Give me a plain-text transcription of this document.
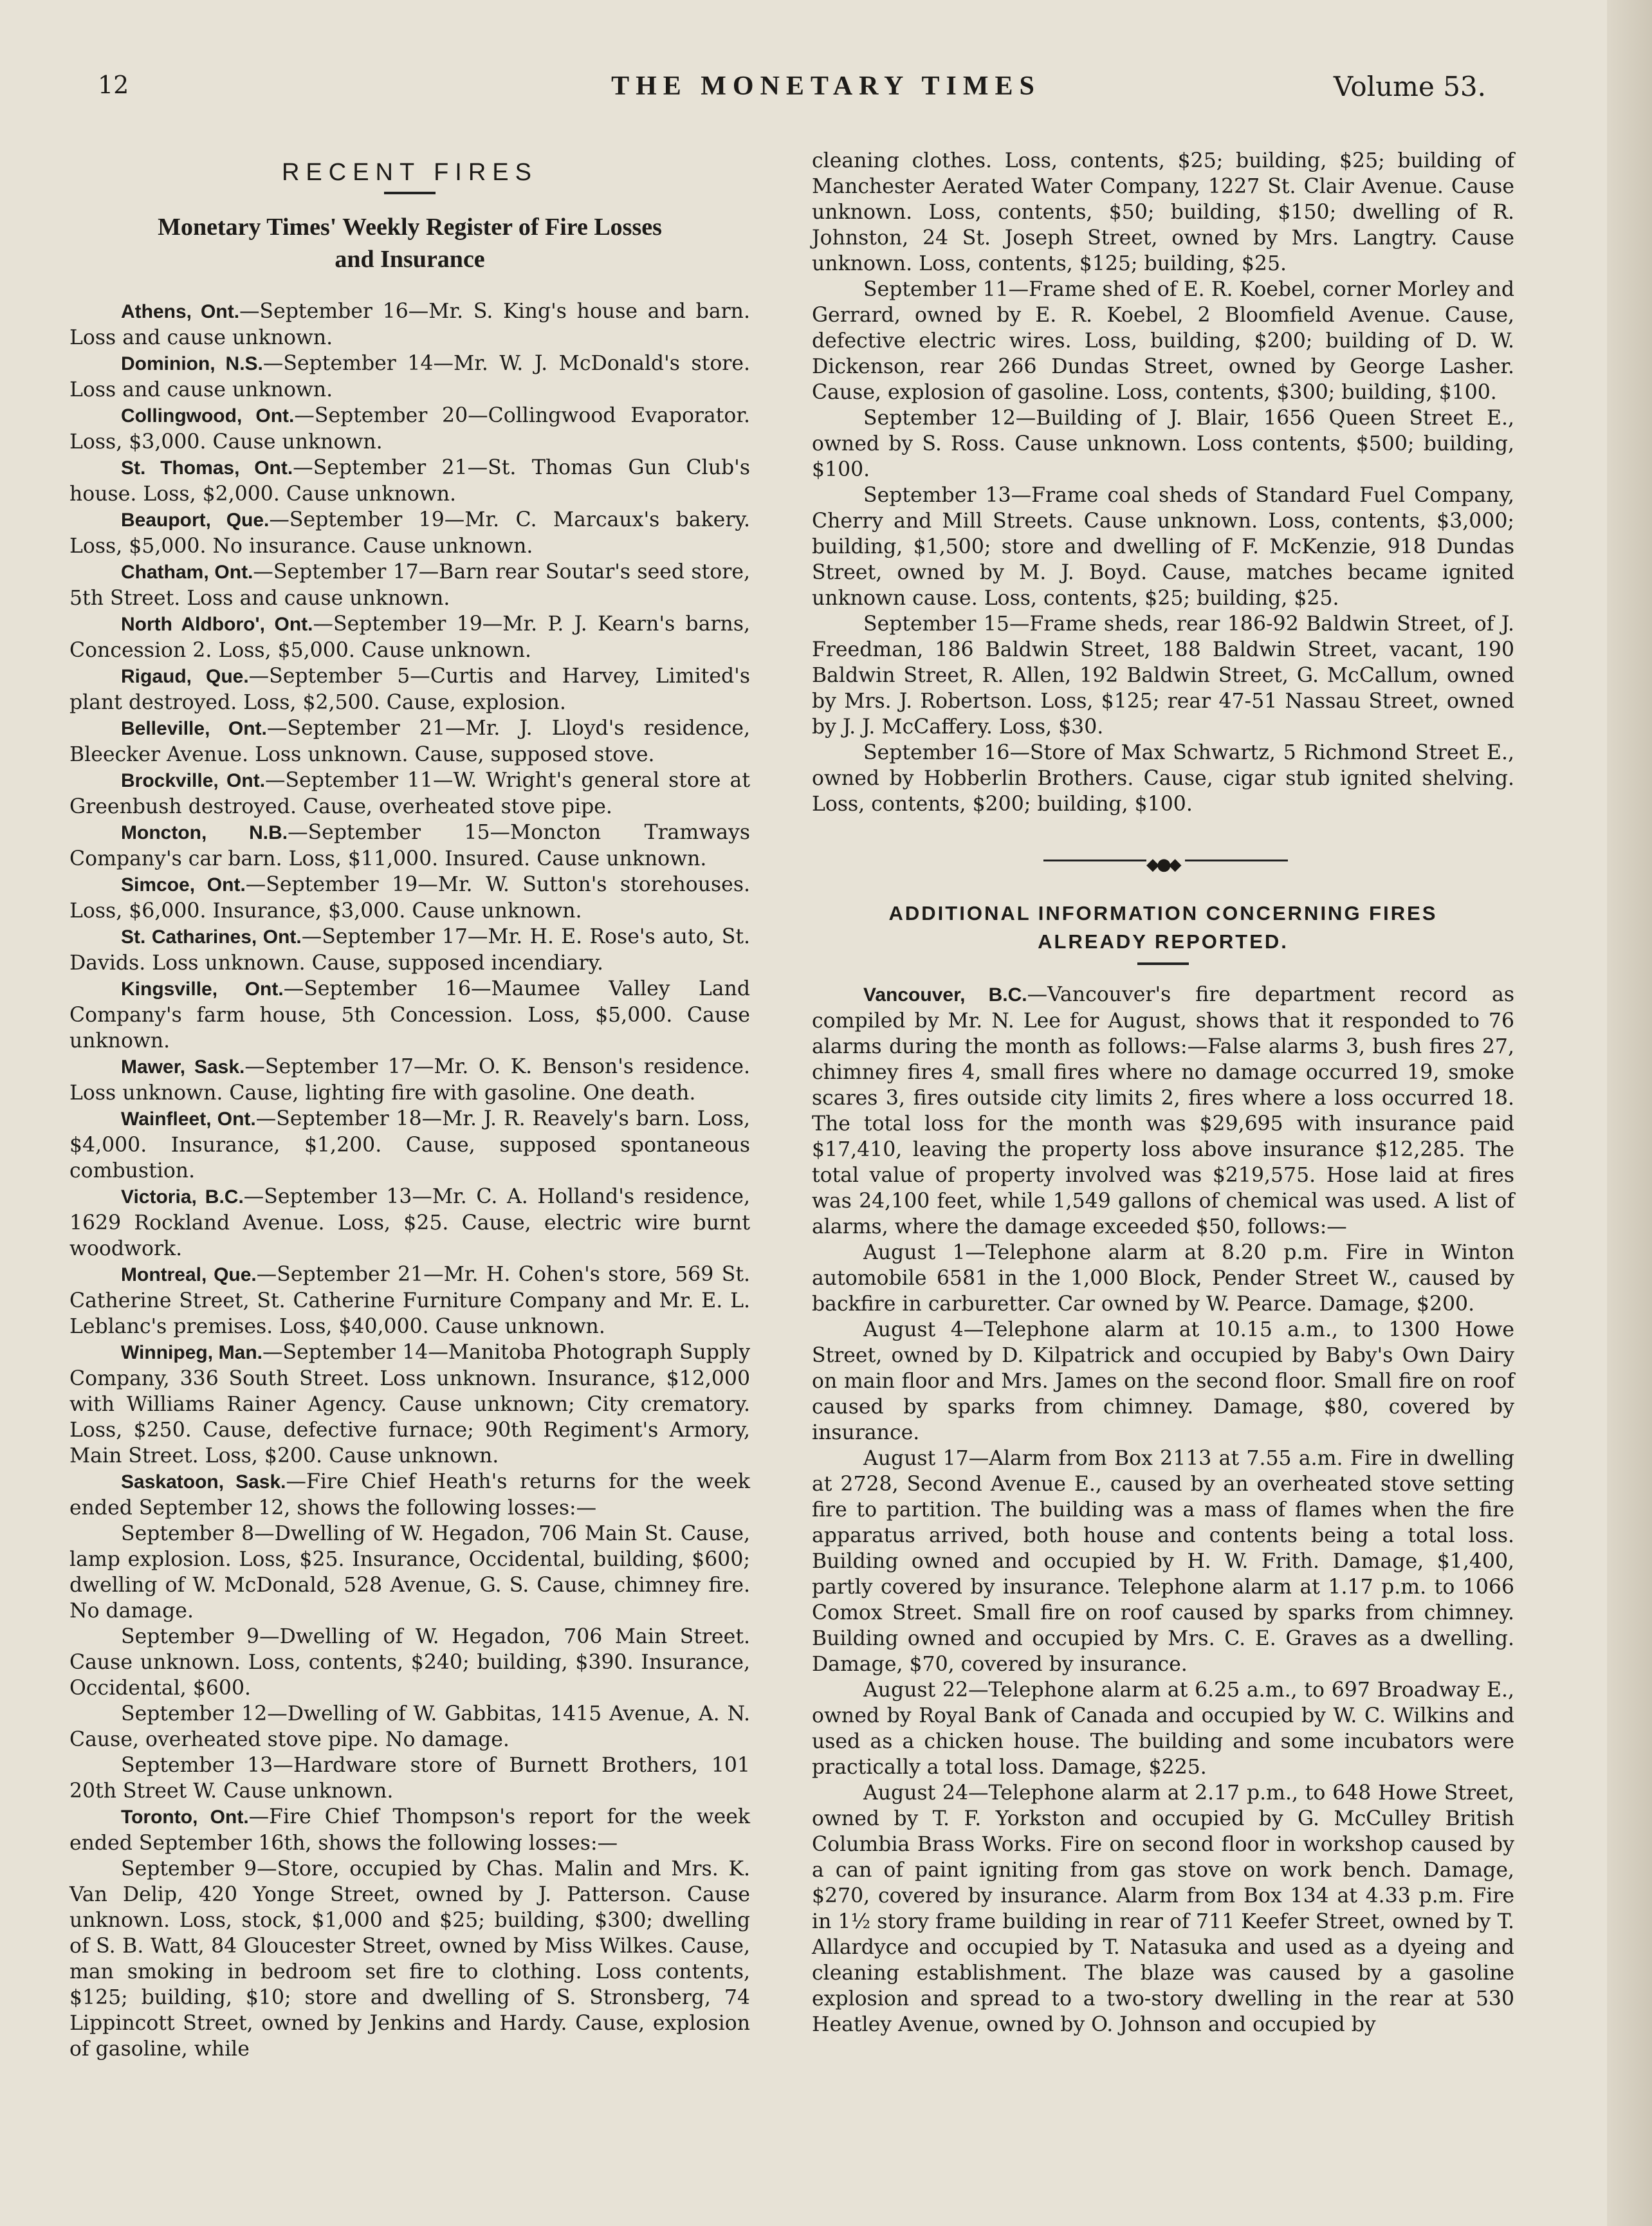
12	THE MONETARY TIMES	Volume 53.
RECENT FIRES
Monetary Times' Weekly Register of Fire Losses
and Insurance

Athens, Ont.—September 16—Mr. S. King's house and barn. Loss and cause unknown.

Dominion, N.S.—September 14—Mr. W. J. McDonald's store. Loss and cause unknown.

Collingwood, Ont.—September 20—Collingwood Evaporator. Loss, $3,000. Cause unknown.

St. Thomas, Ont.—September 21—St. Thomas Gun Club's house. Loss, $2,000. Cause unknown.

Beauport, Que.—September 19—Mr. C. Marcaux's bakery. Loss, $5,000. No insurance. Cause unknown.

Chatham, Ont.—September 17—Barn rear Soutar's seed store, 5th Street. Loss and cause unknown.

North Aldboro', Ont.—September 19—Mr. P. J. Kearn's barns, Concession 2. Loss, $5,000. Cause unknown.

Rigaud, Que.—September 5—Curtis and Harvey, Limited's plant destroyed. Loss, $2,500. Cause, explosion.

Belleville, Ont.—September 21—Mr. J. Lloyd's residence, Bleecker Avenue. Loss unknown. Cause, supposed stove.

Brockville, Ont.—September 11—W. Wright's general store at Greenbush destroyed. Cause, overheated stove pipe.

Moncton, N.B.—September 15—Moncton Tramways Company's car barn. Loss, $11,000. Insured. Cause unknown.

Simcoe, Ont.—September 19—Mr. W. Sutton's storehouses. Loss, $6,000. Insurance, $3,000. Cause unknown.

St. Catharines, Ont.—September 17—Mr. H. E. Rose's auto, St. Davids. Loss unknown. Cause, supposed incendiary.

Kingsville, Ont.—September 16—Maumee Valley Land Company's farm house, 5th Concession. Loss, $5,000. Cause unknown.

Mawer, Sask.—September 17—Mr. O. K. Benson's residence. Loss unknown. Cause, lighting fire with gasoline. One death.

Wainfleet, Ont.—September 18—Mr. J. R. Reavely's barn. Loss, $4,000. Insurance, $1,200. Cause, supposed spontaneous combustion.

Victoria, B.C.—September 13—Mr. C. A. Holland's residence, 1629 Rockland Avenue. Loss, $25. Cause, electric wire burnt woodwork.

Montreal, Que.—September 21—Mr. H. Cohen's store, 569 St. Catherine Street, St. Catherine Furniture Company and Mr. E. L. Leblanc's premises. Loss, $40,000. Cause unknown.

Winnipeg, Man.—September 14—Manitoba Photograph Supply Company, 336 South Street. Loss unknown. Insurance, $12,000 with Williams Rainer Agency. Cause unknown; City crematory. Loss, $250. Cause, defective furnace; 90th Regiment's Armory, Main Street. Loss, $200. Cause unknown.

Saskatoon, Sask.—Fire Chief Heath's returns for the week ended September 12, shows the following losses:—

September 8—Dwelling of W. Hegadon, 706 Main St. Cause, lamp explosion. Loss, $25. Insurance, Occidental, building, $600; dwelling of W. McDonald, 528 Avenue, G. S. Cause, chimney fire. No damage.

September 9—Dwelling of W. Hegadon, 706 Main Street. Cause unknown. Loss, contents, $240; building, $390. Insurance, Occidental, $600.

September 12—Dwelling of W. Gabbitas, 1415 Avenue, A. N. Cause, overheated stove pipe. No damage.

September 13—Hardware store of Burnett Brothers, 101 20th Street W. Cause unknown.

Toronto, Ont.—Fire Chief Thompson's report for the week ended September 16th, shows the following losses:—

September 9—Store, occupied by Chas. Malin and Mrs. K. Van Delip, 420 Yonge Street, owned by J. Patterson. Cause unknown. Loss, stock, $1,000 and $25; building, $300; dwelling of S. B. Watt, 84 Gloucester Street, owned by Miss Wilkes. Cause, man smoking in bedroom set fire to clothing. Loss contents, $125; building, $10; store and dwelling of S. Stronsberg, 74 Lippincott Street, owned by Jenkins and Hardy. Cause, explosion of gasoline, while

cleaning clothes. Loss, contents, $25; building, $25; building of Manchester Aerated Water Company, 1227 St. Clair Avenue. Cause unknown. Loss, contents, $50; building, $150; dwelling of R. Johnston, 24 St. Joseph Street, owned by Mrs. Langtry. Cause unknown. Loss, contents, $125; building, $25.

September 11—Frame shed of E. R. Koebel, corner Morley and Gerrard, owned by E. R. Koebel, 2 Bloomfield Avenue. Cause, defective electric wires. Loss, building, $200; building of D. W. Dickenson, rear 266 Dundas Street, owned by George Lasher. Cause, explosion of gasoline. Loss, contents, $300; building, $100.

September 12—Building of J. Blair, 1656 Queen Street E., owned by S. Ross. Cause unknown. Loss contents, $500; building, $100.

September 13—Frame coal sheds of Standard Fuel Company, Cherry and Mill Streets. Cause unknown. Loss, contents, $3,000; building, $1,500; store and dwelling of F. McKenzie, 918 Dundas Street, owned by M. J. Boyd. Cause, matches became ignited unknown cause. Loss, contents, $25; building, $25.

September 15—Frame sheds, rear 186-92 Baldwin Street, of J. Freedman, 186 Baldwin Street, 188 Baldwin Street, vacant, 190 Baldwin Street, R. Allen, 192 Baldwin Street, G. McCallum, owned by Mrs. J. Robertson. Loss, $125; rear 47-51 Nassau Street, owned by J. J. McCaffery. Loss, $30.

September 16—Store of Max Schwartz, 5 Richmond Street E., owned by Hobberlin Brothers. Cause, cigar stub ignited shelving. Loss, contents, $200; building, $100.

◆●◆
ADDITIONAL INFORMATION CONCERNING FIRES
ALREADY REPORTED.

Vancouver, B.C.—Vancouver's fire department record as compiled by Mr. N. Lee for August, shows that it responded to 76 alarms during the month as follows:—False alarms 3, bush fires 27, chimney fires 4, small fires where no damage occurred 19, smoke scares 3, fires outside city limits 2, fires where a loss occurred 18. The total loss for the month was $29,695 with insurance paid $17,410, leaving the property loss above insurance $12,285. The total value of property involved was $219,575. Hose laid at fires was 24,100 feet, while 1,549 gallons of chemical was used. A list of alarms, where the damage exceeded $50, follows:—

August 1—Telephone alarm at 8.20 p.m. Fire in Winton automobile 6581 in the 1,000 Block, Pender Street W., caused by backfire in carburetter. Car owned by W. Pearce. Damage, $200.

August 4—Telephone alarm at 10.15 a.m., to 1300 Howe Street, owned by D. Kilpatrick and occupied by Baby's Own Dairy on main floor and Mrs. James on the second floor. Small fire on roof caused by sparks from chimney. Damage, $80, covered by insurance.

August 17—Alarm from Box 2113 at 7.55 a.m. Fire in dwelling at 2728, Second Avenue E., caused by an overheated stove setting fire to partition. The building was a mass of flames when the fire apparatus arrived, both house and contents being a total loss. Building owned and occupied by H. W. Frith. Damage, $1,400, partly covered by insurance. Telephone alarm at 1.17 p.m. to 1066 Comox Street. Small fire on roof caused by sparks from chimney. Building owned and occupied by Mrs. C. E. Graves as a dwelling. Damage, $70, covered by insurance.

August 22—Telephone alarm at 6.25 a.m., to 697 Broadway E., owned by Royal Bank of Canada and occupied by W. C. Wilkins and used as a chicken house. The building and some incubators were practically a total loss. Damage, $225.

August 24—Telephone alarm at 2.17 p.m., to 648 Howe Street, owned by T. F. Yorkston and occupied by G. McCulley British Columbia Brass Works. Fire on second floor in workshop caused by a can of paint igniting from gas stove on work bench. Damage, $270, covered by insurance. Alarm from Box 134 at 4.33 p.m. Fire in 1½ story frame building in rear of 711 Keefer Street, owned by T. Allardyce and occupied by T. Natasuka and used as a dyeing and cleaning establishment. The blaze was caused by a gasoline explosion and spread to a two-story dwelling in the rear at 530 Heatley Avenue, owned by O. Johnson and occupied by
